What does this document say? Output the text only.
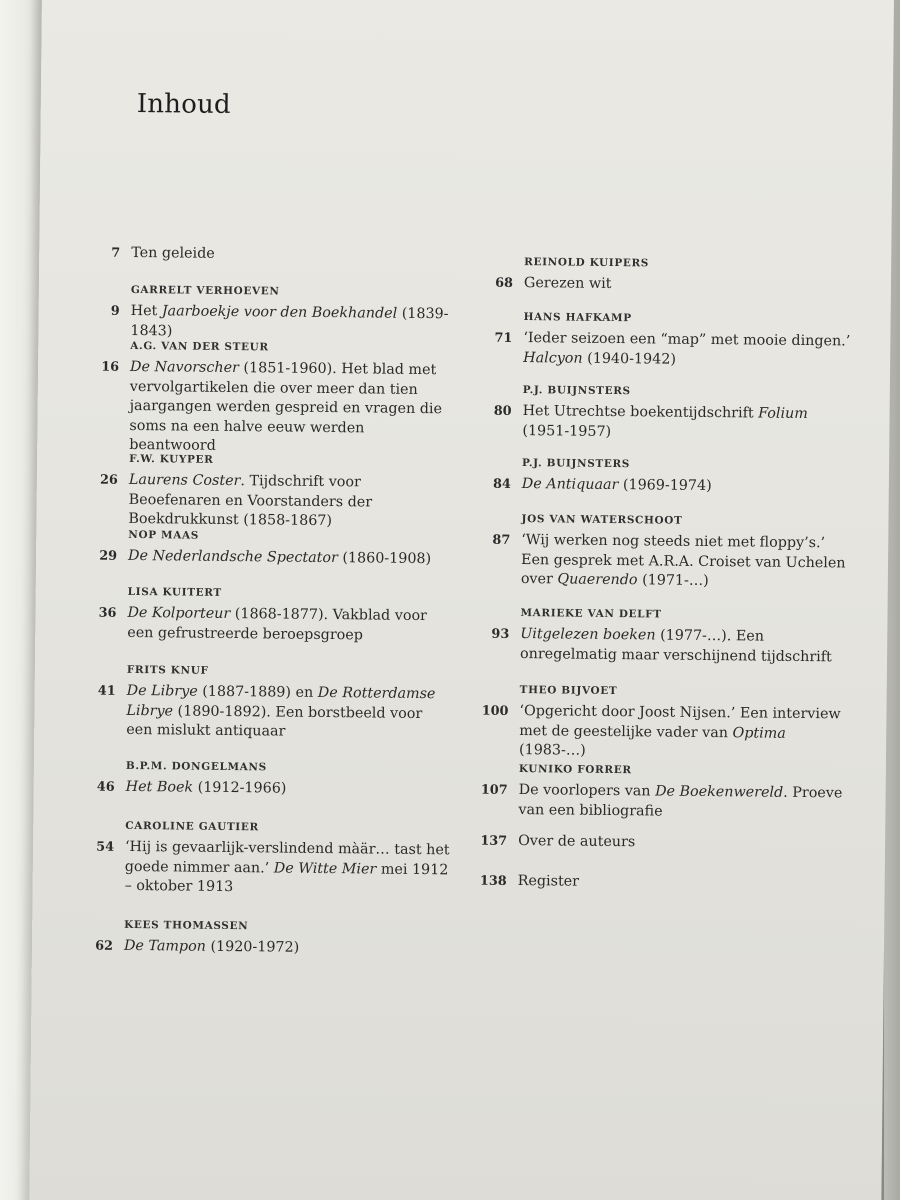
Inhoud
7 Ten geleide
GARRELT VERHOEVEN
9 Het Jaarboekje voor den Boekhandel (1839-1843)
A.G. VAN DER STEUR
16 De Navorscher (1851-1960). Het blad met vervolgartikelen die over meer dan tien jaargangen werden gespreid en vragen die soms na een halve eeuw werden beantwoord
F.W. KUYPER
26 Laurens Coster. Tijdschrift voor Beoefenaren en Voorstanders der Boekdrukkunst (1858-1867)
NOP MAAS
29 De Nederlandsche Spectator (1860-1908)
LISA KUITERT
36 De Kolporteur (1868-1877). Vakblad voor een gefrustreerde beroepsgroep
FRITS KNUF
41 De Librye (1887-1889) en De Rotterdamse Librye (1890-1892). Een borstbeeld voor een mislukt antiquaar
B.P.M. DONGELMANS
46 Het Boek (1912-1966)
CAROLINE GAUTIER
54 ‘Hij is gevaarlijk-verslindend màär… tast het goede nimmer aan.’ De Witte Mier mei 1912 – oktober 1913
KEES THOMASSEN
62 De Tampon (1920-1972)
REINOLD KUIPERS
68 Gerezen wit
HANS HAFKAMP
71 ‘Ieder seizoen een “map” met mooie dingen.’ Halcyon (1940-1942)
P.J. BUIJNSTERS
80 Het Utrechtse boekentijdschrift Folium (1951-1957)
P.J. BUIJNSTERS
84 De Antiquaar (1969-1974)
JOS VAN WATERSCHOOT
87 ‘Wij werken nog steeds niet met floppy’s.’ Een gesprek met A.R.A. Croiset van Uchelen over Quaerendo (1971-…)
MARIEKE VAN DELFT
93 Uitgelezen boeken (1977-…). Een onregelmatig maar verschijnend tijdschrift
THEO BIJVOET
100 ‘Opgericht door Joost Nijsen.’ Een interview met de geestelijke vader van Optima (1983-…)
KUNIKO FORRER
107 De voorlopers van De Boekenwereld. Proeve van een bibliografie
137 Over de auteurs
138 Register
